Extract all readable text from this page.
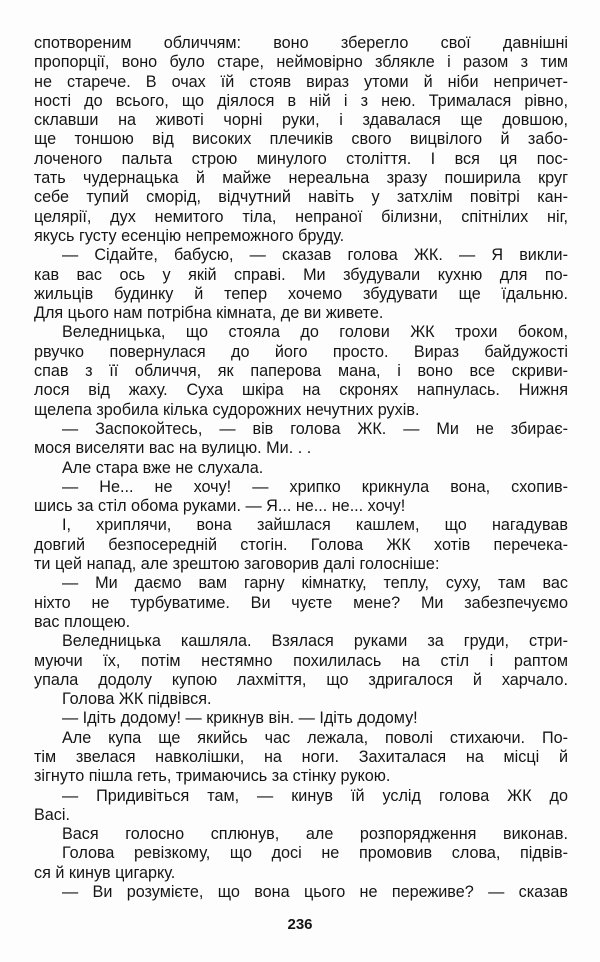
спотвореним обличчям: воно зберегло свої давнішні
пропорції, воно було старе, неймовірно зблякле і разом з тим
не старече. В очах їй стояв вираз утоми й ніби непричет-
ності до всього, що діялося в ній і з нею. Трималася рівно,
склавши на животі чорні руки, і здавалася ще довшою,
ще тоншою від високих плечиків свого вицвілого й забо-
лоченого пальта строю минулого століття. І вся ця пос-
тать чудернацька й майже нереальна зразу поширила круг
себе тупий сморід, відчутний навіть у затхлім повітрі кан-
целярії, дух немитого тіла, непраної білизни, спітнілих ніг,
якусь густу есенцію непреможного бруду.
— Сідайте, бабусю, — сказав голова ЖК. — Я викли-
кав вас ось у якій справі. Ми збудували кухню для по-
жильців будинку й тепер хочемо збудувати ще їдальню.
Для цього нам потрібна кімната, де ви живете.
Веледницька, що стояла до голови ЖК трохи боком,
рвучко повернулася до його просто. Вираз байдужості
спав з її обличчя, як паперова мана, і воно все скриви-
лося від жаху. Суха шкіра на скронях напнулась. Нижня
щелепа зробила кілька судорожних нечутних рухів.
— Заспокойтесь, — вів голова ЖК. — Ми не збирає-
мося виселяти вас на вулицю. Ми. . .
Але стара вже не слухала.
— Не... не хочу! — хрипко крикнула вона, схопив-
шись за стіл обома руками. — Я... не... не... хочу!
І, хриплячи, вона зайшлася кашлем, що нагадував
довгий безпосередній стогін. Голова ЖК хотів перечека-
ти цей напад, але зрештою заговорив далі голосніше:
— Ми даємо вам гарну кімнатку, теплу, суху, там вас
ніхто не турбуватиме. Ви чуєте мене? Ми забезпечуємо
вас площею.
Веледницька кашляла. Взялася руками за груди, стри-
муючи їх, потім нестямно похилилась на стіл і раптом
упала додолу купою лахміття, що здригалося й харчало.
Голова ЖК підвівся.
— Ідіть додому! — крикнув він. — Ідіть додому!
Але купа ще якийсь час лежала, поволі стихаючи. По-
тім звелася навколішки, на ноги. Захиталася на місці й
зігнуто пішла геть, тримаючись за стінку рукою.
— Придивіться там, — кинув їй услід голова ЖК до
Васі.
Вася голосно сплюнув, але розпорядження виконав.
Голова ревізкому, що досі не промовив слова, підвів-
ся й кинув цигарку.
— Ви розумієте, що вона цього не переживе? — сказав
236
